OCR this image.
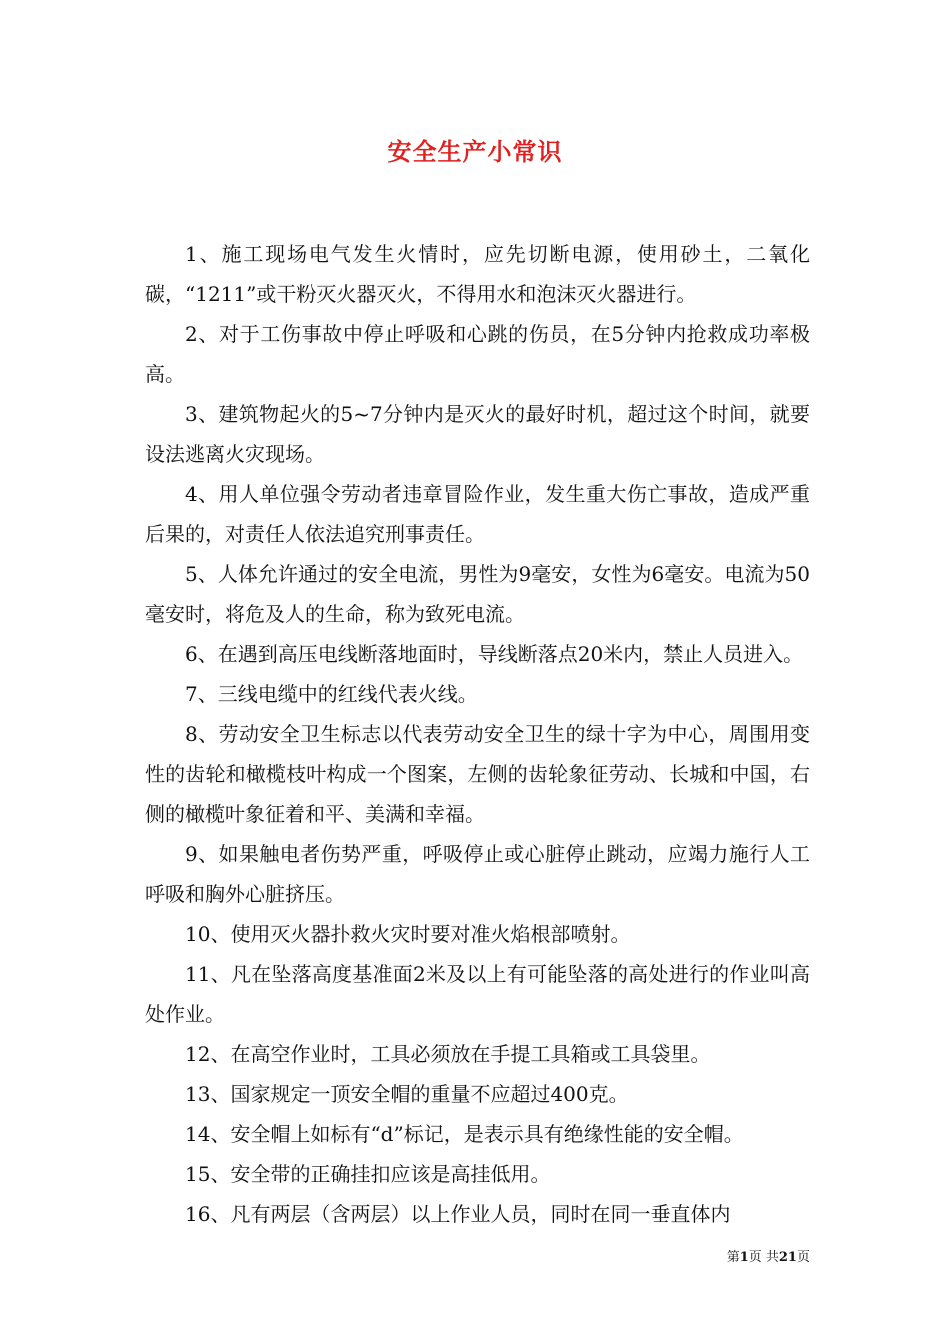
安全生产小常识

1、施工现场电气发生火情时，应先切断电源，使用砂土，二氧化碳，“1211”或干粉灭火器灭火，不得用水和泡沫灭火器进行。

2、对于工伤事故中停止呼吸和心跳的伤员，在5分钟内抢救成功率极高。

3、建筑物起火的5~7分钟内是灭火的最好时机，超过这个时间，就要设法逃离火灾现场。

4、用人单位强令劳动者违章冒险作业，发生重大伤亡事故，造成严重后果的，对责任人依法追究刑事责任。

5、人体允许通过的安全电流，男性为9毫安，女性为6毫安。电流为50毫安时，将危及人的生命，称为致死电流。

6、在遇到高压电线断落地面时，导线断落点20米内，禁止人员进入。

7、三线电缆中的红线代表火线。

8、劳动安全卫生标志以代表劳动安全卫生的绿十字为中心，周围用变性的齿轮和橄榄枝叶构成一个图案，左侧的齿轮象征劳动、长城和中国，右侧的橄榄叶象征着和平、美满和幸福。

9、如果触电者伤势严重，呼吸停止或心脏停止跳动，应竭力施行人工呼吸和胸外心脏挤压。

10、使用灭火器扑救火灾时要对准火焰根部喷射。

11、凡在坠落高度基准面2米及以上有可能坠落的高处进行的作业叫高处作业。

12、在高空作业时，工具必须放在手提工具箱或工具袋里。

13、国家规定一顶安全帽的重量不应超过400克。

14、安全帽上如标有“d”标记，是表示具有绝缘性能的安全帽。

15、安全带的正确挂扣应该是高挂低用。

16、凡有两层（含两层）以上作业人员，同时在同一垂直体内

第1页 共21页
